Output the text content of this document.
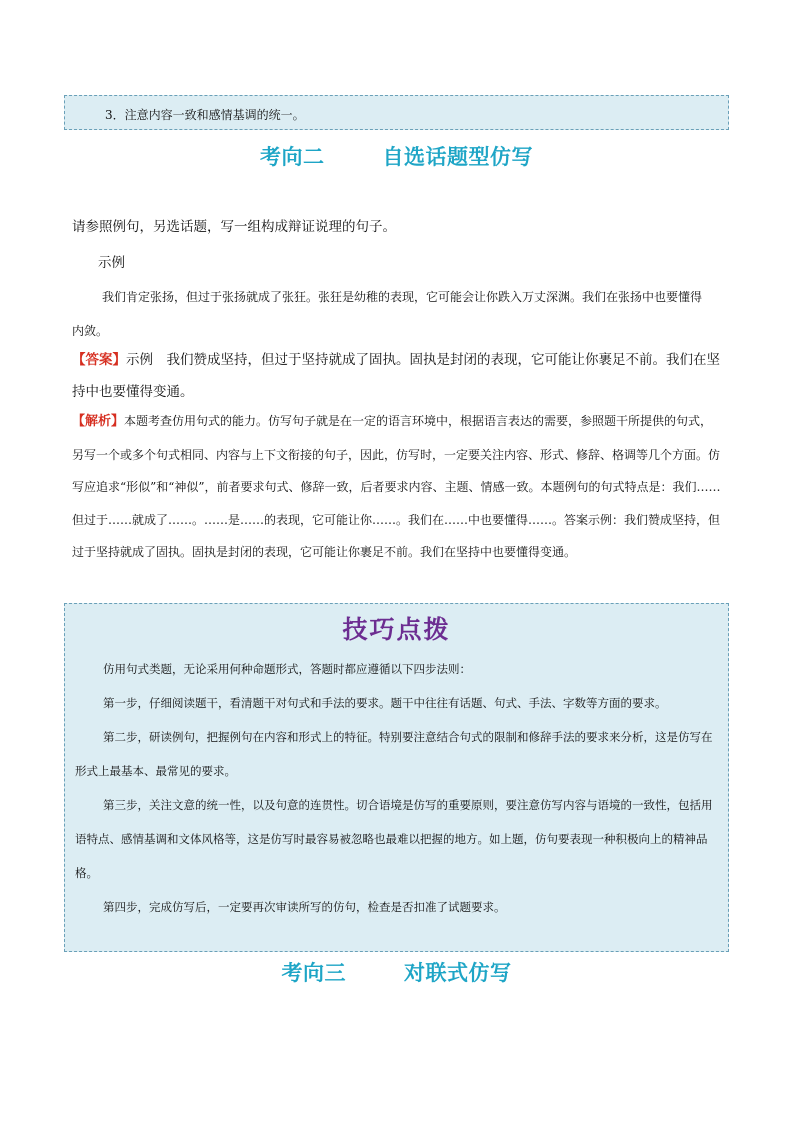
3．注意内容一致和感情基调的统一。
考向二	自选话题型仿写
请参照例句，另选话题，写一组构成辩证说理的句子。
示例
我们肯定张扬，但过于张扬就成了张狂。张狂是幼稚的表现，它可能会让你跌入万丈深渊。我们在张扬中也要懂得内敛。
【答案】示例　我们赞成坚持，但过于坚持就成了固执。固执是封闭的表现，它可能让你裹足不前。我们在坚持中也要懂得变通。
【解析】本题考查仿用句式的能力。仿写句子就是在一定的语言环境中，根据语言表达的需要，参照题干所提供的句式，另写一个或多个句式相同、内容与上下文衔接的句子，因此，仿写时，一定要关注内容、形式、修辞、格调等几个方面。仿写应追求“形似”和“神似”，前者要求句式、修辞一致，后者要求内容、主题、情感一致。本题例句的句式特点是：我们……但过于……就成了……。……是……的表现，它可能让你……。我们在……中也要懂得……。答案示例：我们赞成坚持，但过于坚持就成了固执。固执是封闭的表现，它可能让你裹足不前。我们在坚持中也要懂得变通。
技巧点拨

仿用句式类题，无论采用何种命题形式，答题时都应遵循以下四步法则：

第一步，仔细阅读题干，看清题干对句式和手法的要求。题干中往往有话题、句式、手法、字数等方面的要求。

第二步，研读例句，把握例句在内容和形式上的特征。特别要注意结合句式的限制和修辞手法的要求来分析，这是仿写在形式上最基本、最常见的要求。

第三步，关注文意的统一性，以及句意的连贯性。切合语境是仿写的重要原则，要注意仿写内容与语境的一致性，包括用语特点、感情基调和文体风格等，这是仿写时最容易被忽略也最难以把握的地方。如上题，仿句要表现一种积极向上的精神品格。

第四步，完成仿写后，一定要再次审读所写的仿句，检查是否扣准了试题要求。

考向三	对联式仿写
